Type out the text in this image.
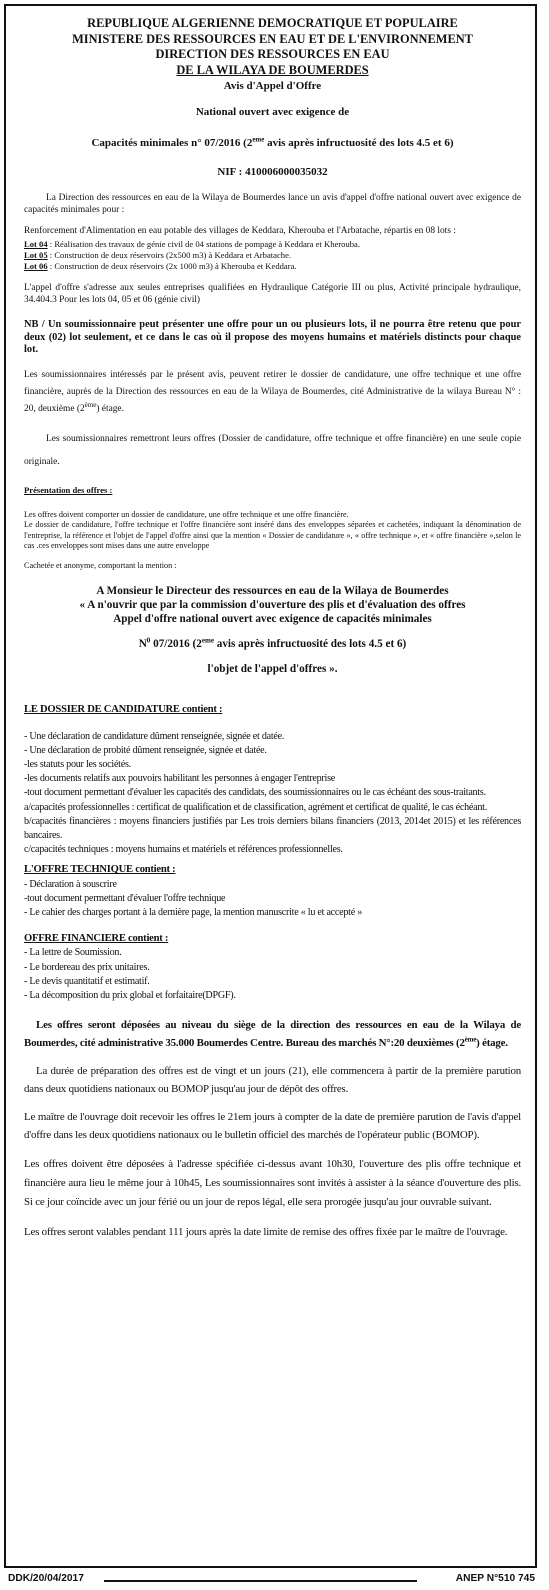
REPUBLIQUE ALGERIENNE DEMOCRATIQUE ET POPULAIRE

MINISTERE DES RESSOURCES EN EAU ET DE L'ENVIRONNEMENT

DIRECTION DES RESSOURCES EN EAU

DE LA WILAYA DE BOUMERDES

Avis d'Appel d'Offre

National ouvert avec exigence de

Capacités minimales n° 07/2016 (2eme avis après infructuosité des lots 4.5 et 6)

NIF : 410006000035032

La Direction des ressources en eau de la Wilaya de Boumerdes lance un avis d'appel d'offre national ouvert avec exigence de capacités minimales pour :

Renforcement d'Alimentation en eau potable des villages de Keddara, Kherouba et l'Arbatache, répartis en 08 lots :

Lot 04 : Réalisation des travaux de génie civil de 04 stations de pompage à Keddara et Kherouba.
Lot 05 : Construction de deux réservoirs (2x500 m3) à Keddara et Arbatache.
Lot 06 : Construction de deux réservoirs (2x 1000 m3) à Kherouba et Keddara.

L'appel d'offre s'adresse aux seules entreprises qualifiées en Hydraulique Catégorie III ou plus, Activité principale hydraulique, 34.404.3 Pour les lots 04, 05 et 06 (génie civil)

NB / Un soumissionnaire peut présenter une offre pour un ou plusieurs lots, il ne pourra être retenu que pour deux (02) lot seulement, et ce dans le cas où il propose des moyens humains et matériels distincts pour chaque lot.

Les soumissionnaires intéressés par le présent avis, peuvent retirer le dossier de candidature, une offre technique et une offre financière, auprès de la Direction des ressources en eau de la Wilaya de Boumerdes, cité Administrative de la wilaya Bureau N° : 20, deuxième (2ème) étage.

Les soumissionnaires remettront leurs offres (Dossier de candidature, offre technique et offre financière) en une seule copie originale.

Présentation des offres :

Les offres doivent comporter un dossier de candidature, une offre technique et une offre financière.

Le dossier de candidature, l'offre technique et l'offre financière sont inséré dans des enveloppes séparées et cachetées, indiquant la dénomination de l'entreprise, la référence et l'objet de l'appel d'offre ainsi que la mention « Dossier de candidature », « offre technique », et « offre financière »,selon le cas .ces enveloppes sont mises dans une autre enveloppe

Cachetée et anonyme, comportant la mention :

A Monsieur le Directeur des ressources en eau de la Wilaya de Boumerdes

« A n'ouvrir que par la commission d'ouverture des plis et d'évaluation des offres

Appel d'offre national ouvert avec exigence de capacités minimales

$N^0$ 07/2016 (2eme avis après infructuosité des lots 4.5 et 6)

l'objet de l'appel d'offres ».

LE DOSSIER DE CANDIDATURE contient :

- Une déclaration de candidature dûment renseignée, signée et datée.
- Une déclaration de probité dûment renseignée, signée et datée.
-les statuts pour les sociétés.
-les documents relatifs aux pouvoirs habilitant les personnes à engager l'entreprise
-tout document permettant d'évaluer les capacités des candidats, des soumissionnaires ou le cas échéant des sous-traitants.
a/capacités professionnelles : certificat de qualification et de classification, agrément et certificat de qualité, le cas échéant.
b/capacités financières : moyens financiers justifiés par Les trois derniers bilans financiers (2013, 2014et 2015) et les références bancaires.
c/capacités techniques : moyens humains et matériels et références professionnelles.

L'OFFRE TECHNIQUE contient :

- Déclaration à souscrire
-tout document permettant d'évaluer l'offre technique
- Le cahier des charges portant à la dernière page, la mention manuscrite « lu et accepté »

OFFRE FINANCIERE contient :

- La lettre de Soumission.
- Le bordereau des prix unitaires.
- Le devis quantitatif et estimatif.
- La décomposition du prix global et forfaitaire(DPGF).

Les offres seront déposées au niveau du siège de la direction des ressources en eau de la Wilaya de Boumerdes, cité administrative 35.000 Boumerdes Centre. Bureau des marchés N°:20 deuxièmes (2ème) étage.

La durée de préparation des offres est de vingt et un jours (21), elle commencera à partir de la première parution dans deux quotidiens nationaux ou BOMOP jusqu'au jour de dépôt des offres.

Le maître de l'ouvrage doit recevoir les offres le 21em jours à compter de la date de première parution de l'avis d'appel d'offre dans les deux quotidiens nationaux ou le bulletin officiel des marchés de l'opérateur public (BOMOP).

Les offres doivent être déposées à l'adresse spécifiée ci-dessus avant 10h30, l'ouverture des plis offre technique et financière aura lieu le même jour à 10h45, Les soumissionnaires sont invités à assister à la séance d'ouverture des plis. Si ce jour coïncide avec un jour férié ou un jour de repos légal, elle sera prorogée jusqu'au jour ouvrable suivant.

Les offres seront valables pendant 111 jours après la date limite de remise des offres fixée par le maître de l'ouvrage.

DDK/20/04/2017	ANEP N°510 745
